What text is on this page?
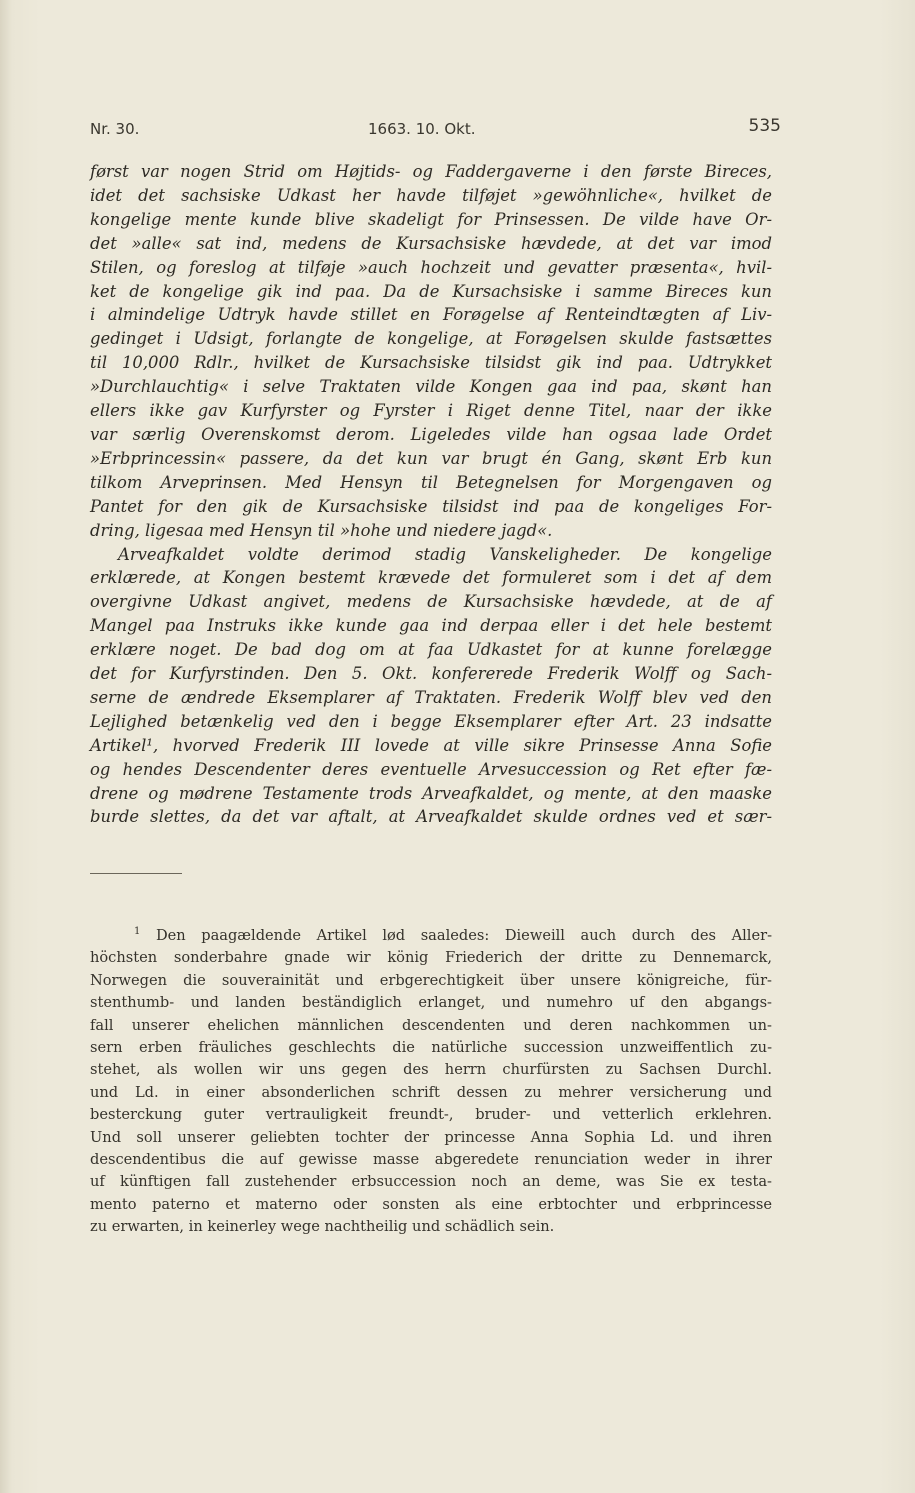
Nr. 30.	1663. 10. Okt.	535
først var nogen Strid om Højtids- og Faddergaverne i den første Bireces,
idet det sachsiske Udkast her havde tilføjet »gewöhnliche«, hvilket de
kongelige mente kunde blive skadeligt for Prinsessen. De vilde have Or-
det »alle« sat ind, medens de Kursachsiske hævdede, at det var imod
Stilen, og foreslog at tilføje »auch hochzeit und gevatter præsenta«, hvil-
ket de kongelige gik ind paa. Da de Kursachsiske i samme Bireces kun
i almindelige Udtryk havde stillet en Forøgelse af Renteindtægten af Liv-
gedinget i Udsigt, forlangte de kongelige, at Forøgelsen skulde fastsættes
til 10,000 Rdlr., hvilket de Kursachsiske tilsidst gik ind paa. Udtrykket
»Durchlauchtig« i selve Traktaten vilde Kongen gaa ind paa, skønt han
ellers ikke gav Kurfyrster og Fyrster i Riget denne Titel, naar der ikke
var særlig Overenskomst derom. Ligeledes vilde han ogsaa lade Ordet
»Erbprincessin« passere, da det kun var brugt én Gang, skønt Erb kun
tilkom Arveprinsen. Med Hensyn til Betegnelsen for Morgengaven og
Pantet for den gik de Kursachsiske tilsidst ind paa de kongeliges For-
dring, ligesaa med Hensyn til »hohe und niedere jagd«.
Arveafkaldet voldte derimod stadig Vanskeligheder. De kongelige
erklærede, at Kongen bestemt krævede det formuleret som i det af dem
overgivne Udkast angivet, medens de Kursachsiske hævdede, at de af
Mangel paa Instruks ikke kunde gaa ind derpaa eller i det hele bestemt
erklære noget. De bad dog om at faa Udkastet for at kunne forelægge
det for Kurfyrstinden. Den 5. Okt. konfererede Frederik Wolff og Sach-
serne de ændrede Eksemplarer af Traktaten. Frederik Wolff blev ved den
Lejlighed betænkelig ved den i begge Eksemplarer efter Art. 23 indsatte
Artikel¹, hvorved Frederik III lovede at ville sikre Prinsesse Anna Sofie
og hendes Descendenter deres eventuelle Arvesuccession og Ret efter fæ-
drene og mødrene Testamente trods Arveafkaldet, og mente, at den maaske
burde slettes, da det var aftalt, at Arveafkaldet skulde ordnes ved et sær-
$^1$ Den paagældende Artikel lød saaledes: Dieweill auch durch des Aller-
höchsten sonderbahre gnade wir könig Friederich der dritte zu Dennemarck,
Norwegen die souverainität und erbgerechtigkeit über unsere königreiche, für-
stenthumb- und landen beständiglich erlanget, und numehro uf den abgangs-
fall unserer ehelichen männlichen descendenten und deren nachkommen un-
sern erben fräuliches geschlechts die natürliche succession unzweiffentlich zu-
stehet, als wollen wir uns gegen des herrn churfürsten zu Sachsen Durchl.
und Ld. in einer absonderlichen schrift dessen zu mehrer versicherung und
besterckung guter vertrauligkeit freundt-, bruder- und vetterlich erklehren.
Und soll unserer geliebten tochter der princesse Anna Sophia Ld. und ihren
descendentibus die auf gewisse masse abgeredete renunciation weder in ihrer
uf künftigen fall zustehender erbsuccession noch an deme, was Sie ex testa-
mento paterno et materno oder sonsten als eine erbtochter und erbprincesse
zu erwarten, in keinerley wege nachtheilig und schädlich sein.
